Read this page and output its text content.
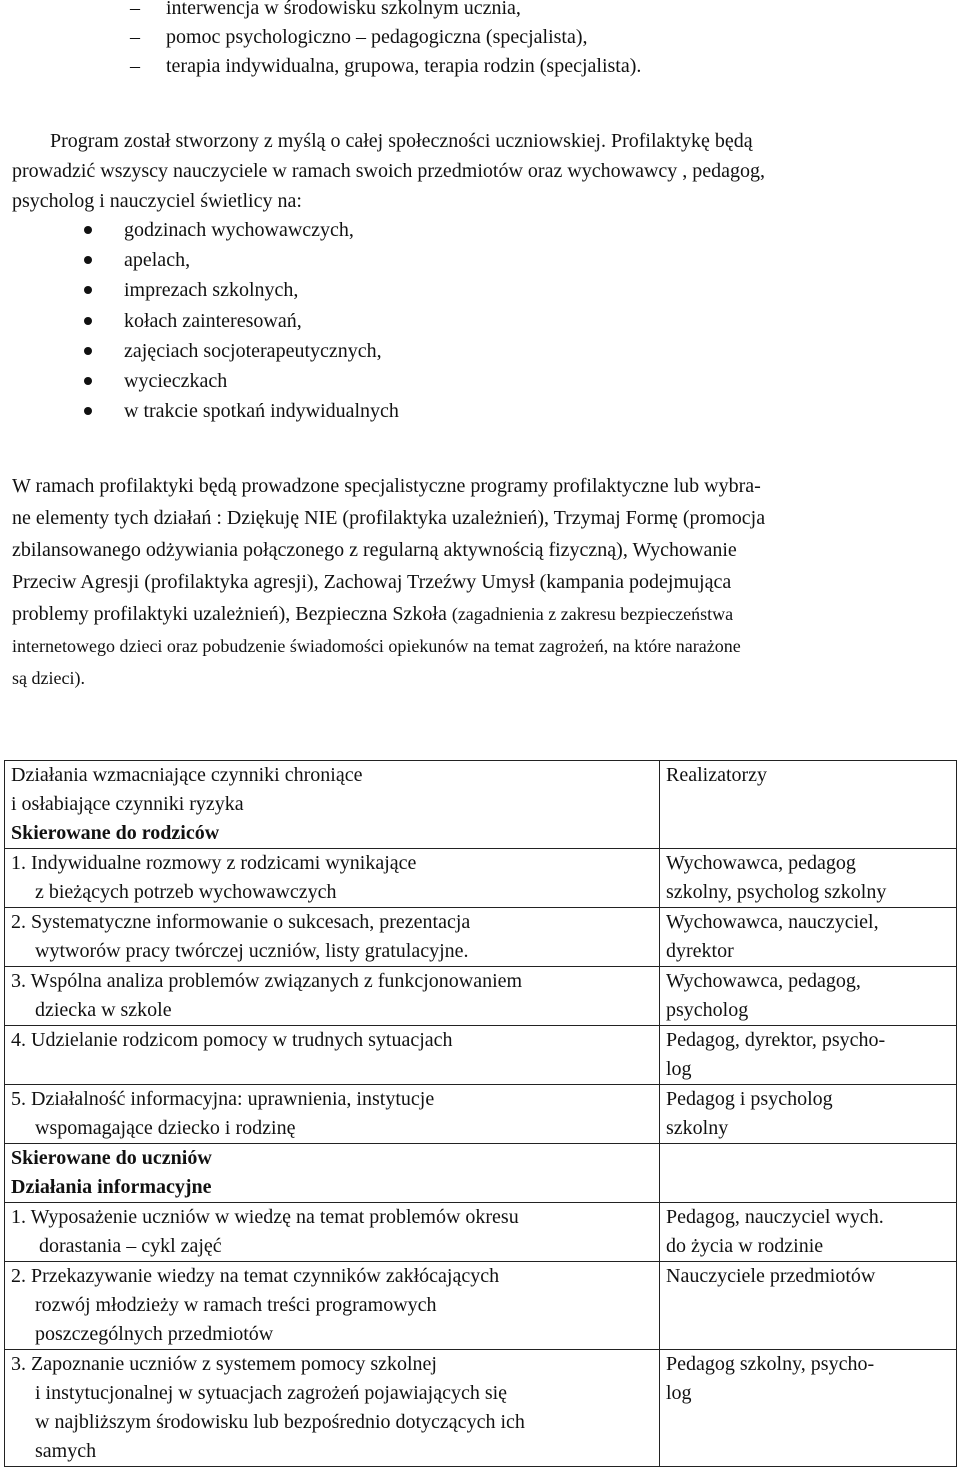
– interwencja w środowisku szkolnym ucznia,
– pomoc psychologiczno – pedagogiczna (specjalista),
– terapia indywidualna, grupowa, terapia rodzin (specjalista).
Program został stworzony z myślą o całej społeczności uczniowskiej. Profilaktykę będą
prowadzić wszyscy nauczyciele w ramach swoich przedmiotów oraz wychowawcy , pedagog,
psycholog i nauczyciel świetlicy na:
godzinach wychowawczych,
apelach,
imprezach szkolnych,
kołach zainteresowań,
zajęciach socjoterapeutycznych,
wycieczkach
w trakcie spotkań indywidualnych
W ramach profilaktyki będą prowadzone specjalistyczne programy profilaktyczne lub wybra-
ne elementy tych działań : Dziękuję NIE (profilaktyka uzależnień), Trzymaj Formę (promocja
zbilansowanego odżywiania połączonego z regularną aktywnością fizyczną), Wychowanie
Przeciw Agresji (profilaktyka agresji), Zachowaj Trzeźwy Umysł (kampania podejmująca
problemy profilaktyki uzależnień), Bezpieczna Szkoła (zagadnienia z zakresu bezpieczeństwa
internetowego dzieci oraz pobudzenie świadomości opiekunów na temat zagrożeń, na które narażone
są dzieci).
Działania wzmacniające czynniki chroniące
i osłabiające czynniki ryzyka
Skierowane do rodziców	Realizatorzy

1. Indywidualne rozmowy z rodzicami wynikające
z bieżących potrzeb wychowawczych	Wychowawca, pedagog
szkolny, psycholog szkolny

2. Systematyczne informowanie o sukcesach, prezentacja
wytworów pracy twórczej uczniów, listy gratulacyjne.	Wychowawca, nauczyciel,
dyrektor

3. Wspólna analiza problemów związanych z funkcjonowaniem
dziecka w szkole	Wychowawca, pedagog,
psycholog

4. Udzielanie rodzicom pomocy w trudnych sytuacjach	Pedagog, dyrektor, psycho-
log

5. Działalność informacyjna: uprawnienia, instytucje
wspomagające dziecko i rodzinę	Pedagog i psycholog
szkolny

Skierowane do uczniów
Działania informacyjne	

1. Wyposażenie uczniów w wiedzę na temat problemów okresu
dorastania – cykl zajęć	Pedagog, nauczyciel wych.
do życia w rodzinie

2. Przekazywanie wiedzy na temat czynników zakłócających
rozwój młodzieży w ramach treści programowych
poszczególnych przedmiotów	Nauczyciele przedmiotów

3. Zapoznanie uczniów z systemem pomocy szkolnej
i instytucjonalnej w sytuacjach zagrożeń pojawiających się
w najbliższym środowisku lub bezpośrednio dotyczących ich
samych	Pedagog szkolny, psycho-
log
